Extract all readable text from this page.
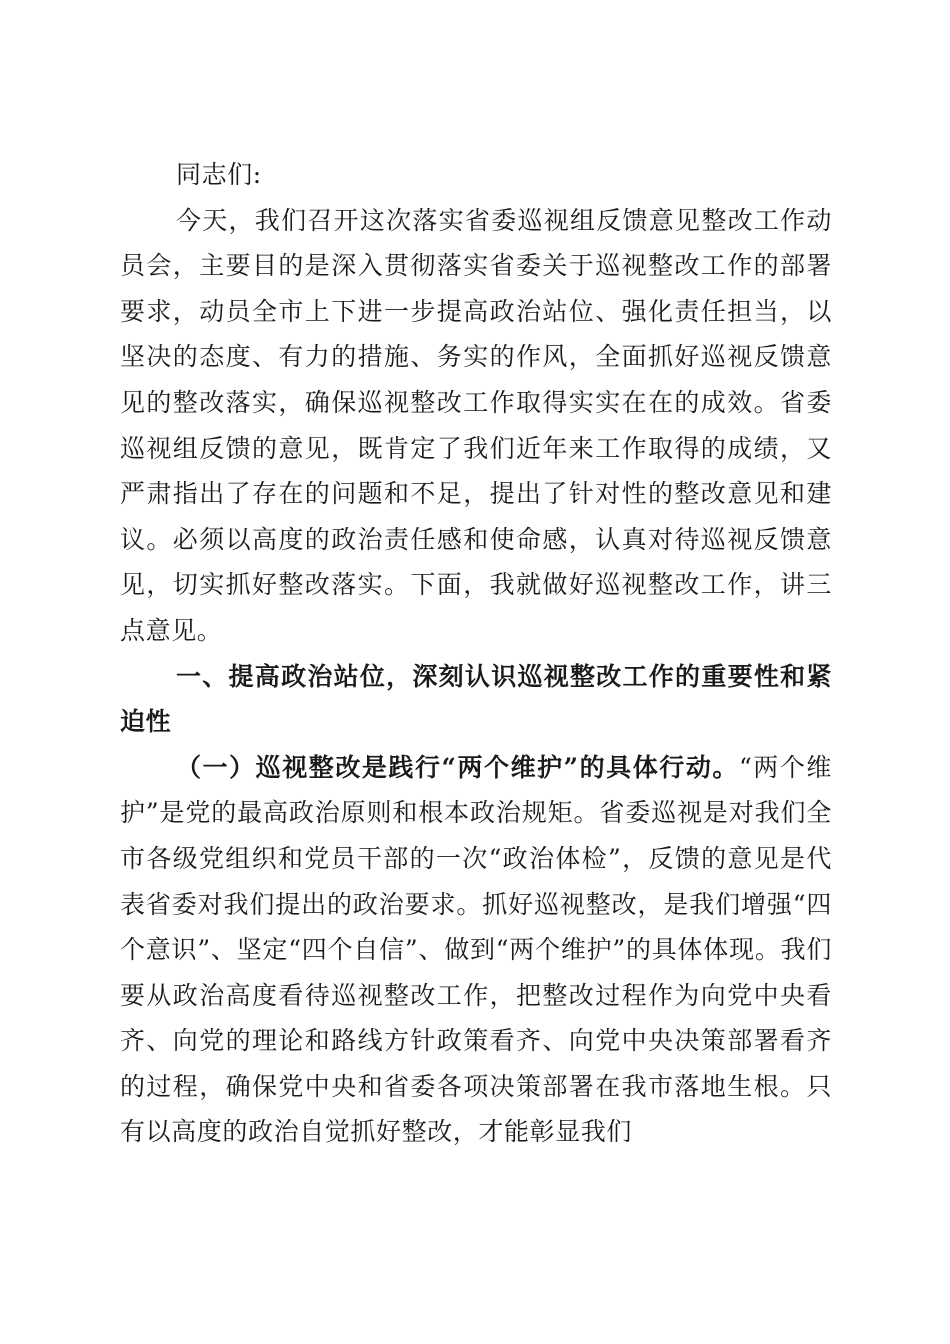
同志们:

今天，我们召开这次落实省委巡视组反馈意见整改工作动员会，主要目的是深入贯彻落实省委关于巡视整改工作的部署要求，动员全市上下进一步提高政治站位、强化责任担当，以坚决的态度、有力的措施、务实的作风，全面抓好巡视反馈意见的整改落实，确保巡视整改工作取得实实在在的成效。省委巡视组反馈的意见，既肯定了我们近年来工作取得的成绩，又严肃指出了存在的问题和不足，提出了针对性的整改意见和建议。必须以高度的政治责任感和使命感，认真对待巡视反馈意见，切实抓好整改落实。下面，我就做好巡视整改工作，讲三点意见。

一、提高政治站位，深刻认识巡视整改工作的重要性和紧迫性

（一）巡视整改是践行“两个维护”的具体行动。“两个维护”是党的最高政治原则和根本政治规矩。省委巡视是对我们全市各级党组织和党员干部的一次“政治体检”，反馈的意见是代表省委对我们提出的政治要求。抓好巡视整改，是我们增强“四个意识”、坚定“四个自信”、做到“两个维护”的具体体现。我们要从政治高度看待巡视整改工作，把整改过程作为向党中央看齐、向党的理论和路线方针政策看齐、向党中央决策部署看齐的过程，确保党中央和省委各项决策部署在我市落地生根。只有以高度的政治自觉抓好整改，才能彰显我们
